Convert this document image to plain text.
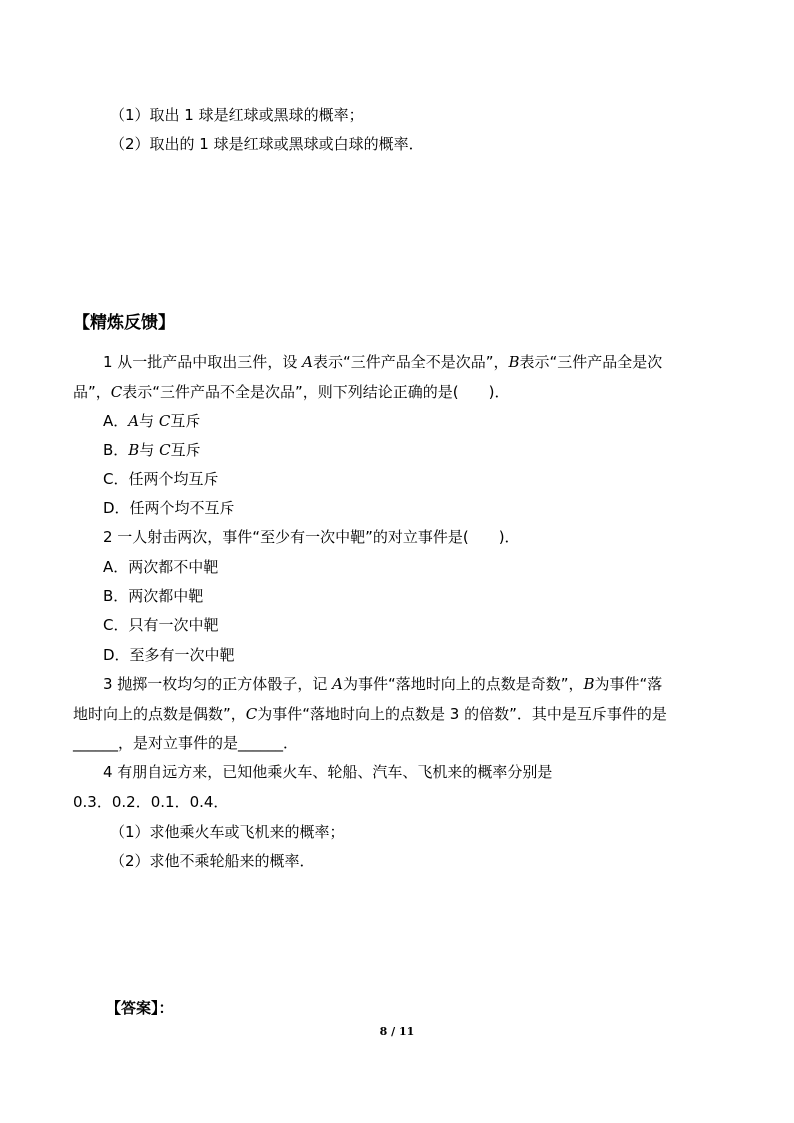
（1）取出 1 球是红球或黑球的概率；
（2）取出的 1 球是红球或黑球或白球的概率．
【精炼反馈】
1 从一批产品中取出三件，设 A表示“三件产品全不是次品”，B表示“三件产品全是次
品”，C表示“三件产品不全是次品”，则下列结论正确的是(　　)．
A．A与 C互斥
B．B与 C互斥
C．任两个均互斥
D．任两个均不互斥
2 一人射击两次，事件“至少有一次中靶”的对立事件是(　　)．
A．两次都不中靶
B．两次都中靶
C．只有一次中靶
D．至多有一次中靶
3 抛掷一枚均匀的正方体骰子，记 A为事件“落地时向上的点数是奇数”，B为事件“落
地时向上的点数是偶数”，C为事件“落地时向上的点数是 3 的倍数”．其中是互斥事件的是
______，是对立事件的是______．
4 有朋自远方来，已知他乘火车、轮船、汽车、飞机来的概率分别是
0.3．0.2．0.1．0.4．
（1）求他乘火车或飞机来的概率；
（2）求他不乘轮船来的概率．
【答案】：
8 / 11
